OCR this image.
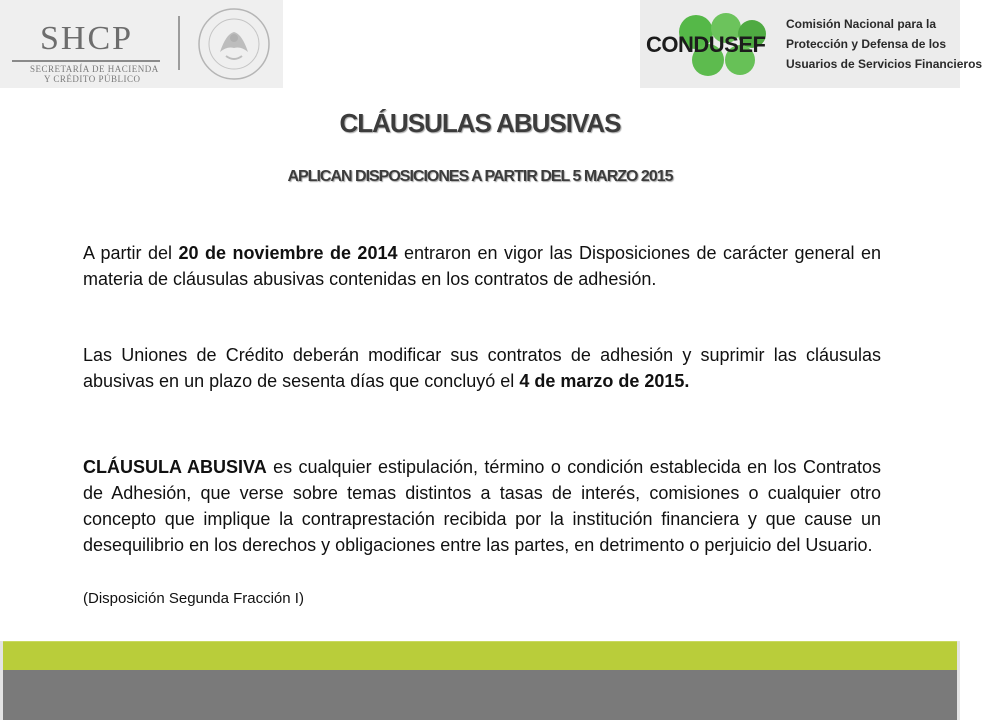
SHCP
SECRETARÍA DE HACIENDA
Y CRÉDITO PÚBLICO
CONDUSEF
Comisión Nacional para la
Protección y Defensa de los
Usuarios de Servicios Financieros
CLÁUSULAS ABUSIVAS
APLICAN DISPOSICIONES A PARTIR DEL 5 MARZO 2015
A partir del 20 de noviembre de 2014 entraron en vigor las Disposiciones de carácter general en materia de cláusulas abusivas contenidas en los contratos de adhesión.
Las Uniones de Crédito deberán modificar sus contratos de adhesión y suprimir las cláusulas abusivas en un plazo de sesenta días que concluyó el 4 de marzo de 2015.
CLÁUSULA ABUSIVA es cualquier estipulación, término o condición establecida en los Contratos de Adhesión, que verse sobre temas distintos a tasas de interés, comisiones o cualquier otro concepto que implique la contraprestación recibida por la institución financiera y que cause un desequilibrio en los derechos y obligaciones entre las partes, en detrimento o perjuicio del Usuario.
(Disposición Segunda Fracción I)
